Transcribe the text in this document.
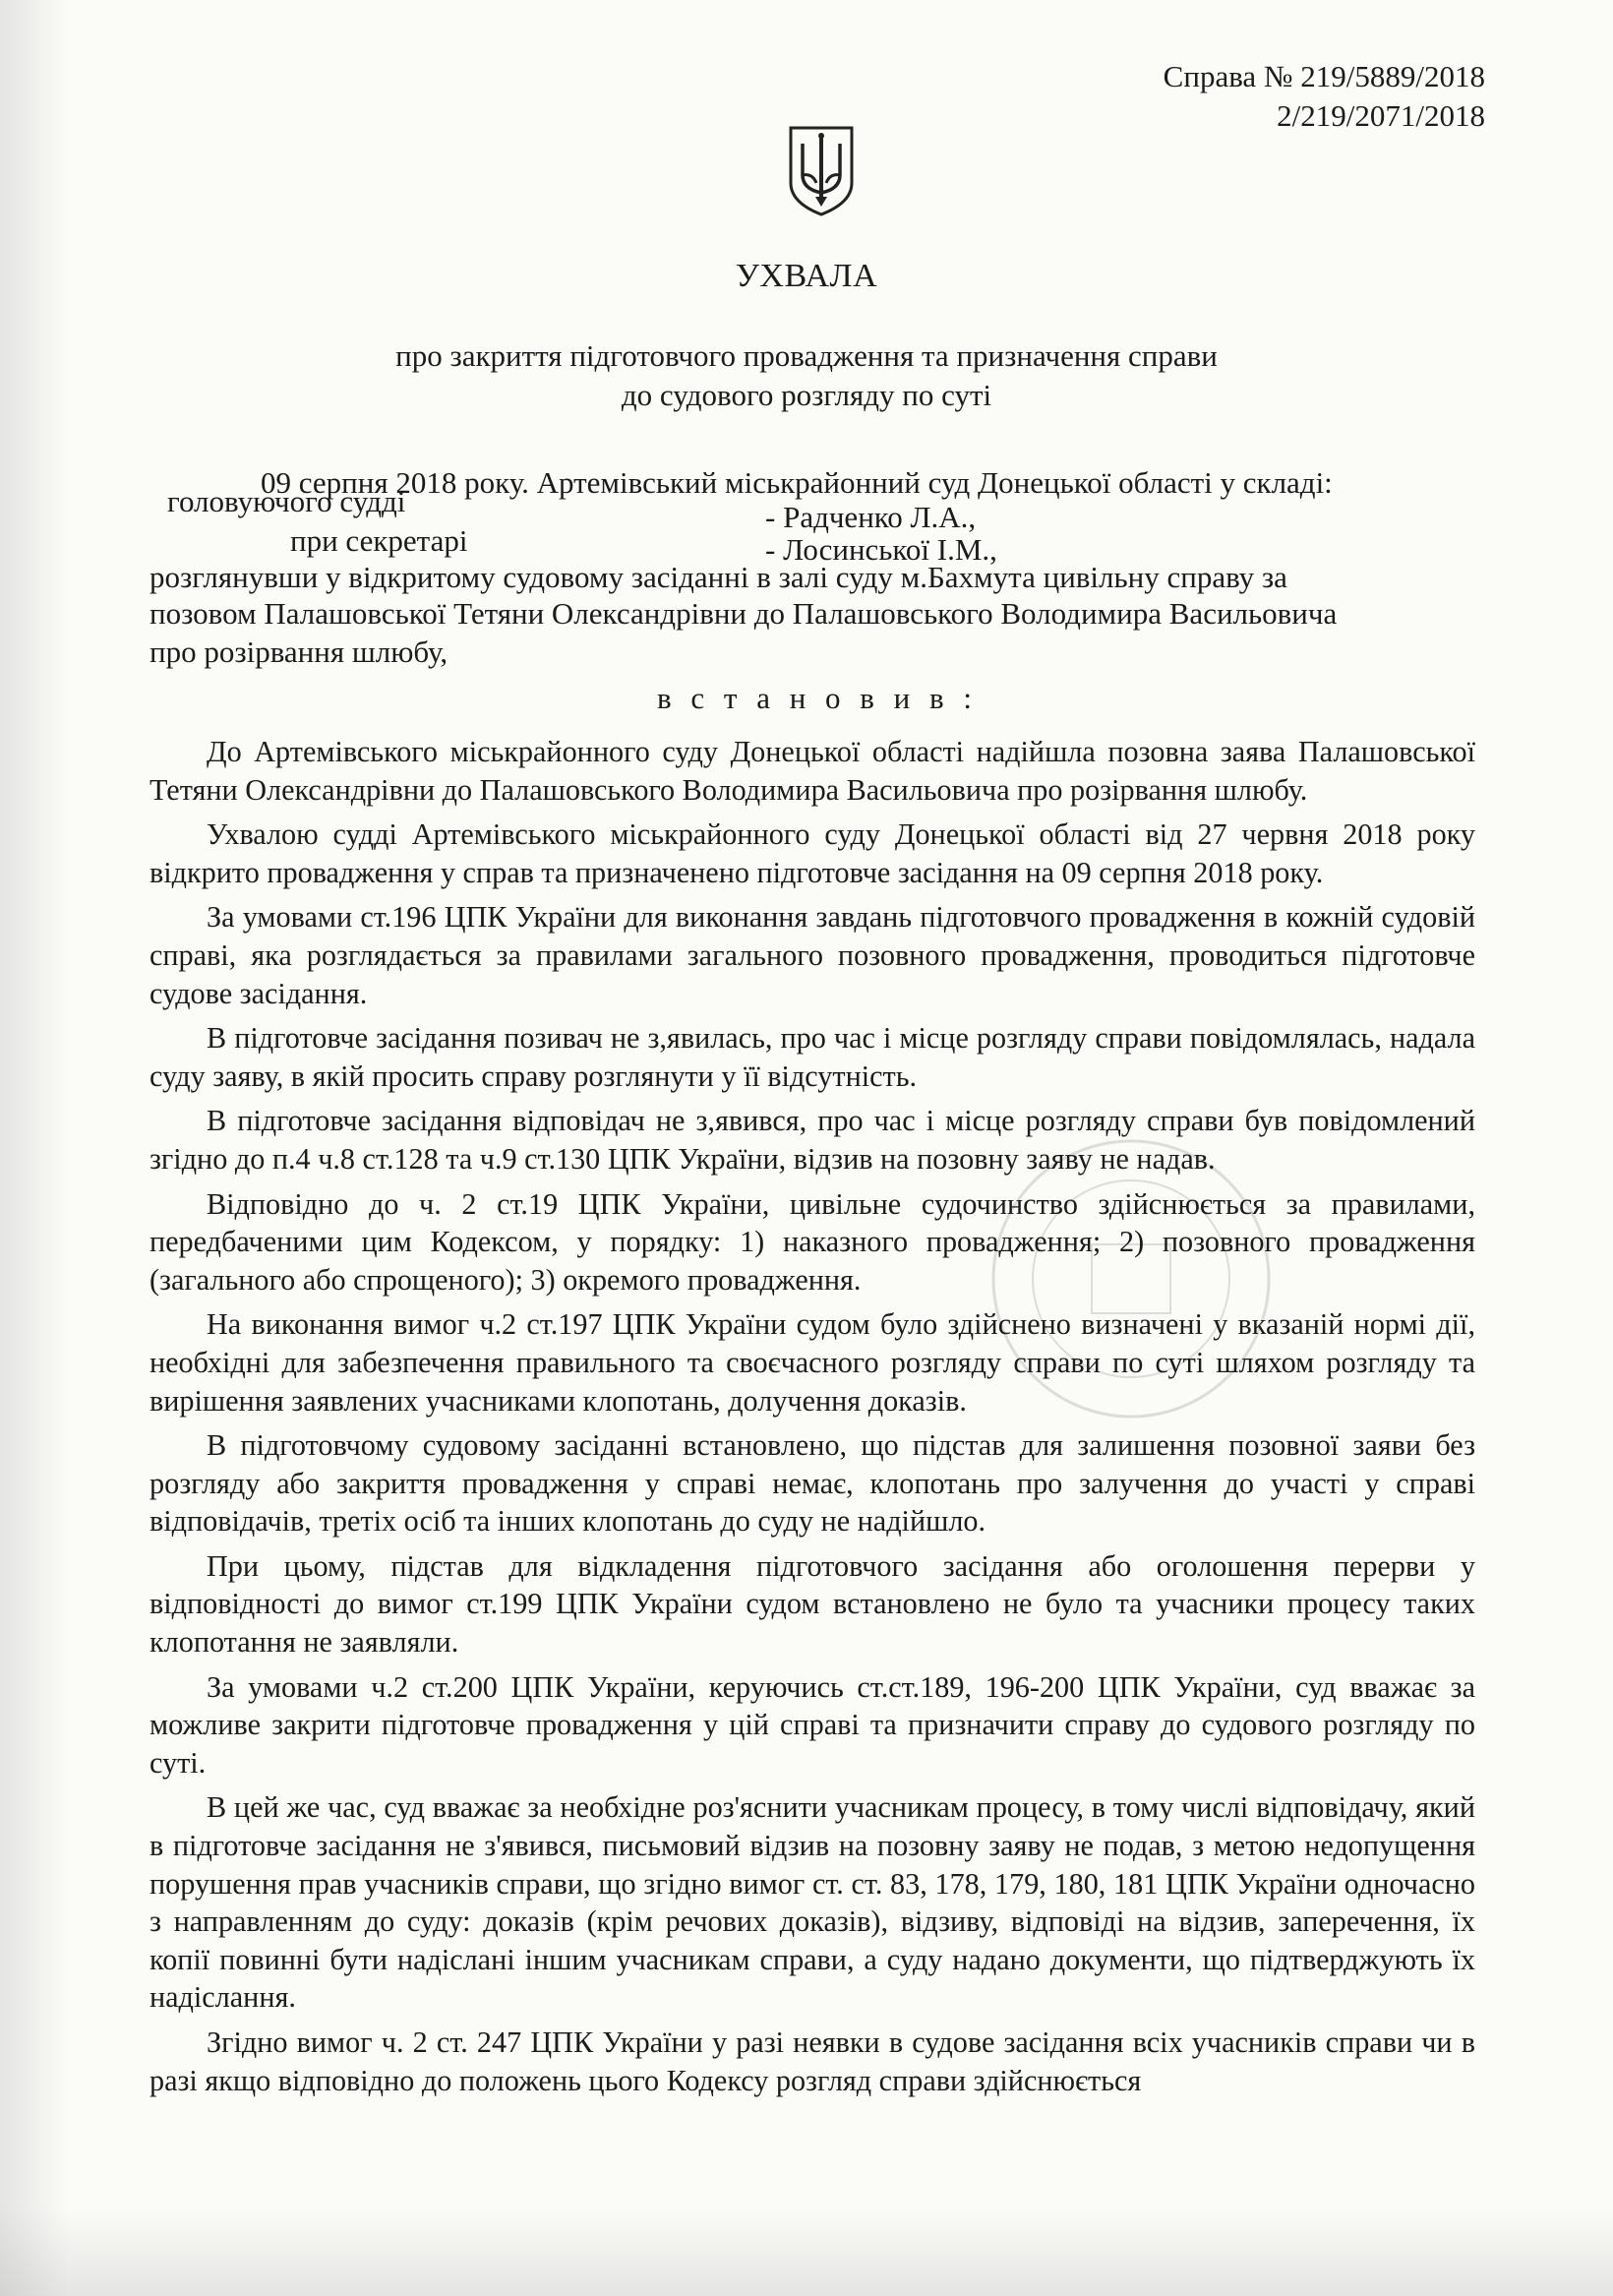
Справа № 219/5889/2018
2/219/2071/2018
УХВАЛА
про закриття підготовчого провадження та призначення справи
до судового розгляду по суті
09 серпня 2018 року. Артемівський міськрайонний суд Донецької області у складі:
головуючого судді	- Радченко Л.А.,
при секретарі	- Лосинської І.М.,
розглянувши у відкритому судовому засіданні в залі суду м.Бахмута цивільну справу за
позовом Палашовської Тетяни Олександрівни до Палашовського Володимира Васильовича
про розірвання шлюбу,
в с т а н о в и в :

До Артемівського міськрайонного суду Донецької області надійшла позовна заява Палашовської Тетяни Олександрівни до Палашовського Володимира Васильовича про розірвання шлюбу.

Ухвалою судді Артемівського міськрайонного суду Донецької області від 27 червня 2018 року відкрито провадження у справ та призначенено підготовче засідання на 09 серпня 2018 року.

За умовами ст.196 ЦПК України для виконання завдань підготовчого провадження в кожній судовій справі, яка розглядається за правилами загального позовного провадження, проводиться підготовче судове засідання.

В підготовче засідання позивач не з,явилась, про час і місце розгляду справи повідомлялась, надала суду заяву, в якій просить справу розглянути у її відсутність.

В підготовче засідання відповідач не з,явився, про час і місце розгляду справи був повідомлений згідно до п.4 ч.8 ст.128 та ч.9 ст.130 ЦПК України, відзив на позовну заяву не надав.

Відповідно до ч. 2 ст.19 ЦПК України, цивільне судочинство здійснюється за правилами, передбаченими цим Кодексом, у порядку: 1) наказного провадження; 2) позовного провадження (загального або спрощеного); 3) окремого провадження.

На виконання вимог ч.2 ст.197 ЦПК України судом було здійснено визначені у вказаній нормі дії, необхідні для забезпечення правильного та своєчасного розгляду справи по суті шляхом розгляду та вирішення заявлених учасниками клопотань, долучення доказів.

В підготовчому судовому засіданні встановлено, що підстав для залишення позовної заяви без розгляду або закриття провадження у справі немає, клопотань про залучення до участі у справі відповідачів, третіх осіб та інших клопотань до суду не надійшло.

При цьому, підстав для відкладення підготовчого засідання або оголошення перерви у відповідності до вимог ст.199 ЦПК України судом встановлено не було та учасники процесу таких клопотання не заявляли.

За умовами ч.2 ст.200 ЦПК України, керуючись ст.ст.189, 196-200 ЦПК України, суд вважає за можливе закрити підготовче провадження у цій справі та призначити справу до судового розгляду по суті.

В цей же час, суд вважає за необхідне роз'яснити учасникам процесу, в тому числі відповідачу, який в підготовче засідання не з'явився, письмовий відзив на позовну заяву не подав, з метою недопущення порушення прав учасників справи, що згідно вимог ст. ст. 83, 178, 179, 180, 181 ЦПК України одночасно з направленням до суду: доказів (крім речових доказів), відзиву, відповіді на відзив, заперечення, їх копії повинні бути надіслані іншим учасникам справи, а суду надано документи, що підтверджують їх надіслання.

Згідно вимог ч. 2 ст. 247 ЦПК України у разі неявки в судове засідання всіх учасників справи чи в разі якщо відповідно до положень цього Кодексу розгляд справи здійснюється
